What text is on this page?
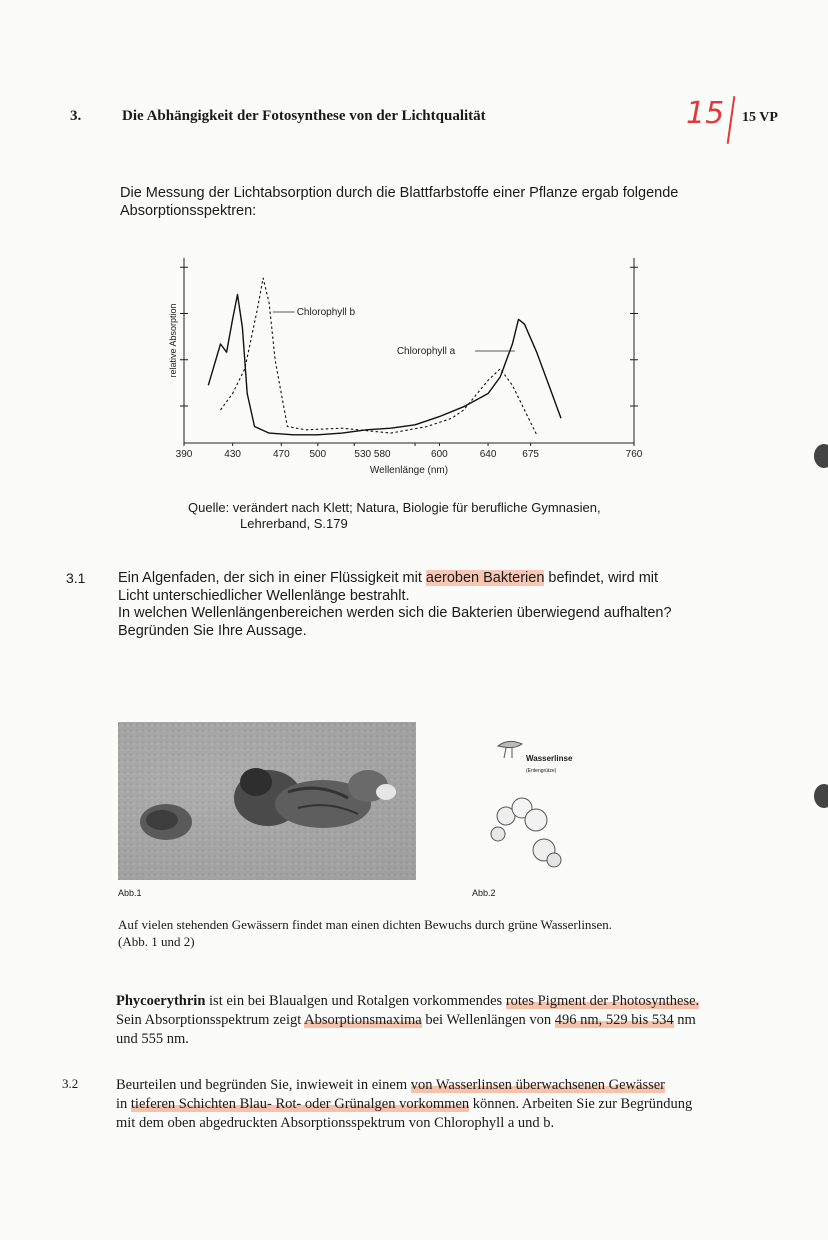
3.	Die Abhängigkeit der Fotosynthese von der Lichtqualität	15 15 VP
Die Messung der Lichtabsorption durch die Blattfarbstoffe einer Pflanze ergab folgende
Absorptionsspektren:
390	430	470 500	530 580	600	640	675	760
Wellenlänge (nm)
relative Absorption	Chlorophyll b
Chlorophyll a
Quelle: verändert nach Klett; Natura, Biologie für berufliche Gymnasien,
Lehrerband, S.179
3.1 Ein Algenfaden, der sich in einer Flüssigkeit mit aeroben Bakterien befindet, wird mit
Licht unterschiedlicher Wellenlänge bestrahlt.
In welchen Wellenlängenbereichen werden sich die Bakterien überwiegend aufhalten?
Begründen Sie Ihre Aussage.
Abb.1
Wasserlinse
(Entengrütze)
Abb.2
Auf vielen stehenden Gewässern findet man einen dichten Bewuchs durch grüne Wasserlinsen.
(Abb. 1 und 2)
Phycoerythrin ist ein bei Blaualgen und Rotalgen vorkommendes rotes Pigment der Photosynthese.
Sein Absorptionsspektrum zeigt Absorptionsmaxima bei Wellenlängen von 496 nm, 529 bis 534 nm
und 555 nm.
3.2	Beurteilen und begründen Sie, inwieweit in einem von Wasserlinsen überwachsenen Gewässer
in tieferen Schichten Blau- Rot- oder Grünalgen vorkommen können. Arbeiten Sie zur Begründung
mit dem oben abgedruckten Absorptionsspektrum von Chlorophyll a und b.
